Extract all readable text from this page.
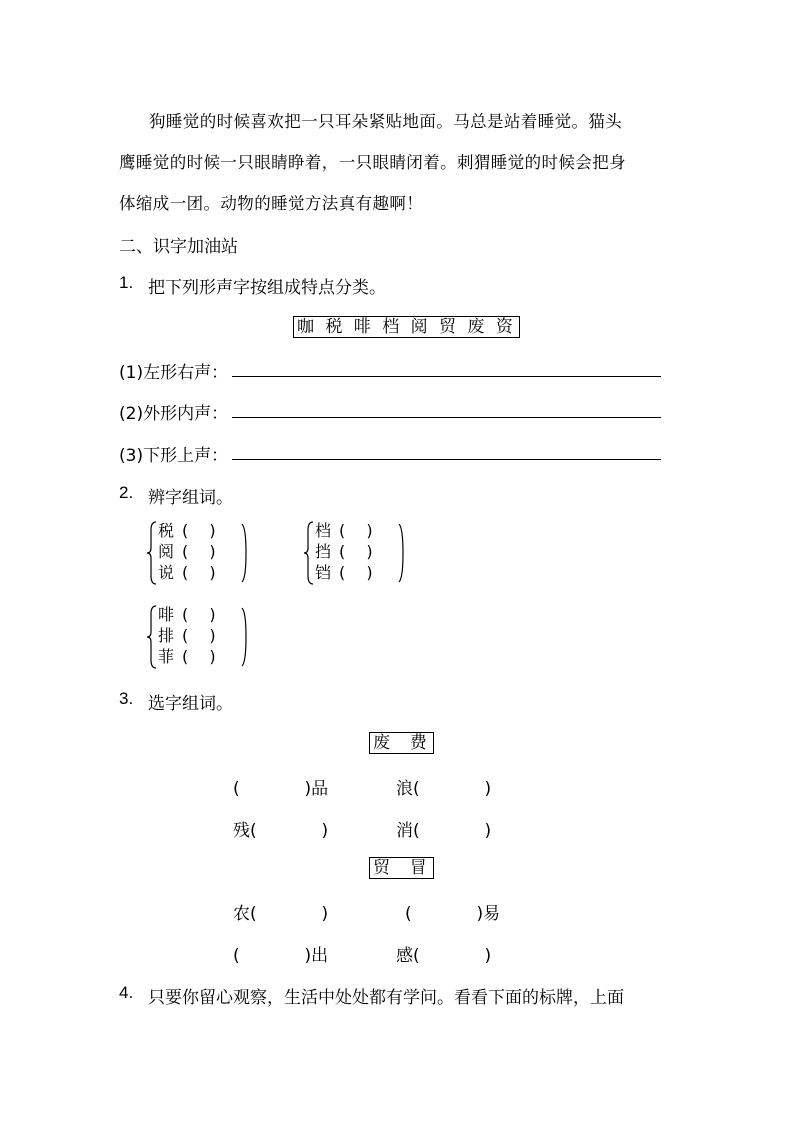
狗睡觉的时候喜欢把一只耳朵紧贴地面。马总是站着睡觉。猫头
鹰睡觉的时候一只眼睛睁着，一只眼睛闭着。刺猬睡觉的时候会把身
体缩成一团。动物的睡觉方法真有趣啊！
二、识字加油站
1. 把下列形声字按组成特点分类。
咖 税 啡 档 阅 贸 废 资
(1)左形右声：
(2)外形内声：
(3)下形上声：
2. 辨字组词。
税 (　 )
阅 (　 )
说 (　 )
档 (　 )
挡 (　 )
铛 (　 )
啡 (　 )
排 (　 )
菲 (　 )
3. 选字组词。
废  费
(            )品	浪(            )
残(            )	消(            )
贸  冒
农(            )	(            )易
(            )出	感(            )
4. 只要你留心观察，生活中处处都有学问。看看下面的标牌，上面
